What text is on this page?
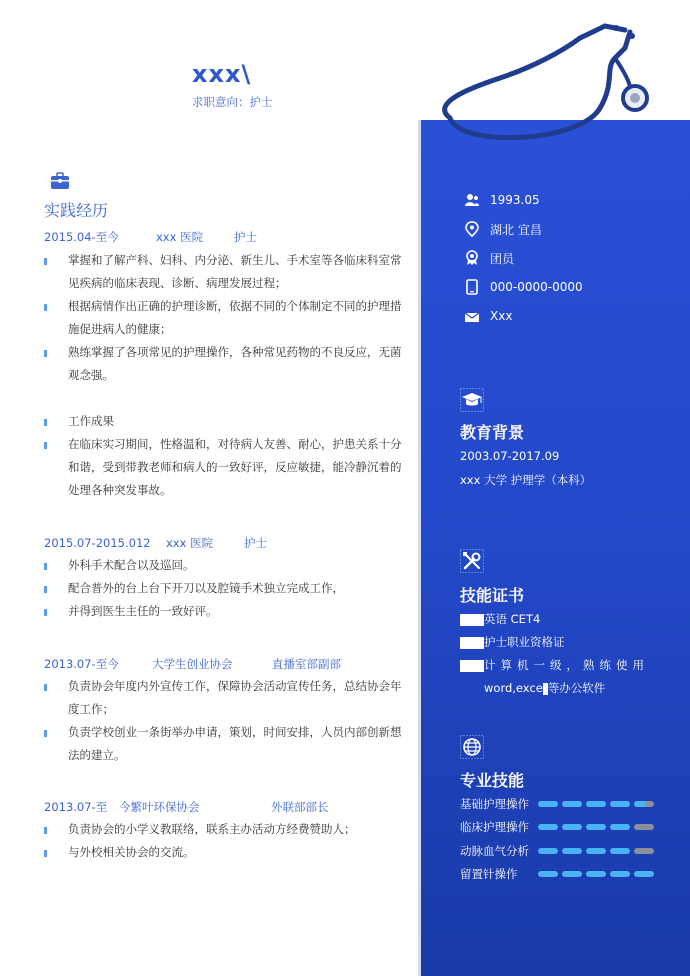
xxx\
求职意向：护士
实践经历
2015.04-至今	xxx 医院	护士
掌握和了解产科、妇科、内分泌、新生儿、手术室等各临床科室常见疾病的临床表现、诊断、病理发展过程；
根据病情作出正确的护理诊断，依据不同的个体制定不同的护理措施促进病人的健康；
熟练掌握了各项常见的护理操作，各种常见药物的不良反应，无菌观念强。
工作成果
在临床实习期间，性格温和，对待病人友善、耐心，护患关系十分和谐，受到带教老师和病人的一致好评，反应敏捷，能冷静沉着的处理各种突发事故。
2015.07-2015.012 xxx 医院	护士
外科手术配合以及巡回。
配合普外的台上台下开刀以及腔镜手术独立完成工作，
并得到医生主任的一致好评。
2013.07-至今	大学生创业协会	直播室部副部
负责协会年度内外宣传工作，保障协会活动宣传任务，总结协会年度工作；
负责学校创业一条街举办申请，策划，时间安排，人员内部创新想法的建立。
2013.07-至 今繁叶环保协会	外联部部长
负责协会的小学义教联络，联系主办活动方经费赞助人；
与外校相关协会的交流。
1993.05
湖北 宜昌
团员
000-0000-0000
Xxx
教育背景
2003.07-2017.09
xxx 大学 护理学（本科）
技能证书
英语 CET4
护士职业资格证
计算机一级，熟练使用
word,exce 等办公软件
专业技能
基础护理操作
临床护理操作
动脉血气分析
留置针操作
